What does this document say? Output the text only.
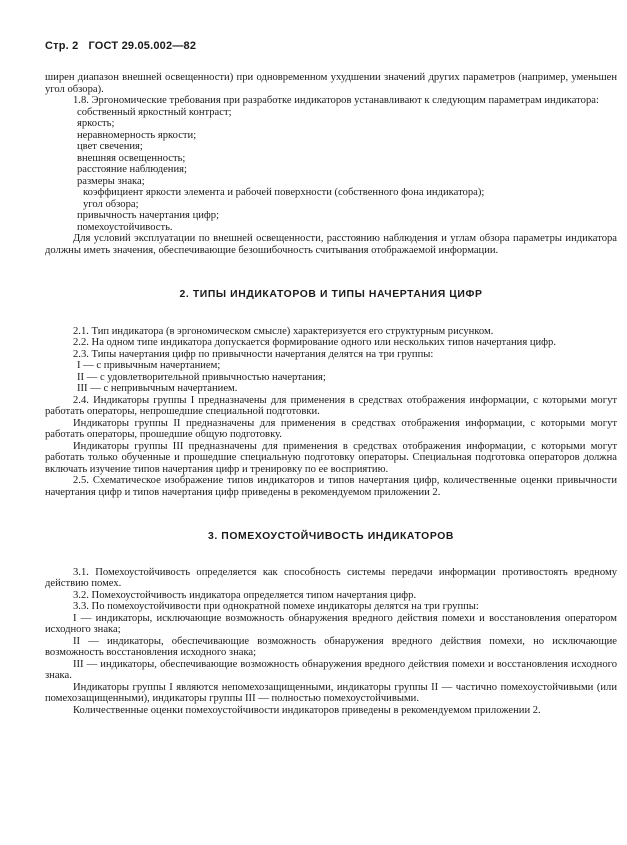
Стр. 2 ГОСТ 29.05.002—82

ширен диапазон внешней освещенности) при одновременном ухудшении значений других параметров (например, уменьшен угол обзора).

1.8. Эргономические требования при разработке индикаторов устанавливают к следующим параметрам индикатора:

собственный яркостный контраст;
яркость;
неравномерность яркости;
цвет свечения;
внешняя освещенность;
расстояние наблюдения;
размеры знака;
коэффициент яркости элемента и рабочей поверхности (собственного фона индикатора);
угол обзора;
привычность начертания цифр;
помехоустойчивость.

Для условий эксплуатации по внешней освещенности, расстоянию наблюдения и углам обзора параметры индикатора должны иметь значения, обеспечивающие безошибочность считывания отображаемой информации.

2. ТИПЫ ИНДИКАТОРОВ И ТИПЫ НАЧЕРТАНИЯ ЦИФР

2.1. Тип индикатора (в эргономическом смысле) характеризуется его структурным рисунком.

2.2. На одном типе индикатора допускается формирование одного или нескольких типов начертания цифр.

2.3. Типы начертания цифр по привычности начертания делятся на три группы:

I — с привычным начертанием;
II — с удовлетворительной привычностью начертания;
III — с непривычным начертанием.

2.4. Индикаторы группы I предназначены для применения в средствах отображения информации, с которыми могут работать операторы, непрошедшие специальной подготовки.

Индикаторы группы II предназначены для применения в средствах отображения информации, с которыми могут работать операторы, прошедшие общую подготовку.

Индикаторы группы III предназначены для применения в средствах отображения информации, с которыми могут работать только обученные и прошедшие специальную подготовку операторы. Специальная подготовка операторов должна включать изучение типов начертания цифр и тренировку по ее восприятию.

2.5. Схематическое изображение типов индикаторов и типов начертания цифр, количественные оценки привычности начертания цифр и типов начертания цифр приведены в рекомендуемом приложении 2.

3. ПОМЕХОУСТОЙЧИВОСТЬ ИНДИКАТОРОВ

3.1. Помехоустойчивость определяется как способность системы передачи информации противостоять вредному действию помех.

3.2. Помехоустойчивость индикатора определяется типом начертания цифр.

3.3. По помехоустойчивости при однократной помехе индикаторы делятся на три группы:

I — индикаторы, исключающие возможность обнаружения вредного действия помехи и восстановления оператором исходного знака;

II — индикаторы, обеспечивающие возможность обнаружения вредного действия помехи, но исключающие возможность восстановления исходного знака;

III — индикаторы, обеспечивающие возможность обнаружения вредного действия помехи и восстановления исходного знака.

Индикаторы группы I являются непомехозащищенными, индикаторы группы II — частично помехоустойчивыми (или помехозащищенными), индикаторы группы III — полностью помехоустойчивыми.

Количественные оценки помехоустойчивости индикаторов приведены в рекомендуемом приложении 2.
